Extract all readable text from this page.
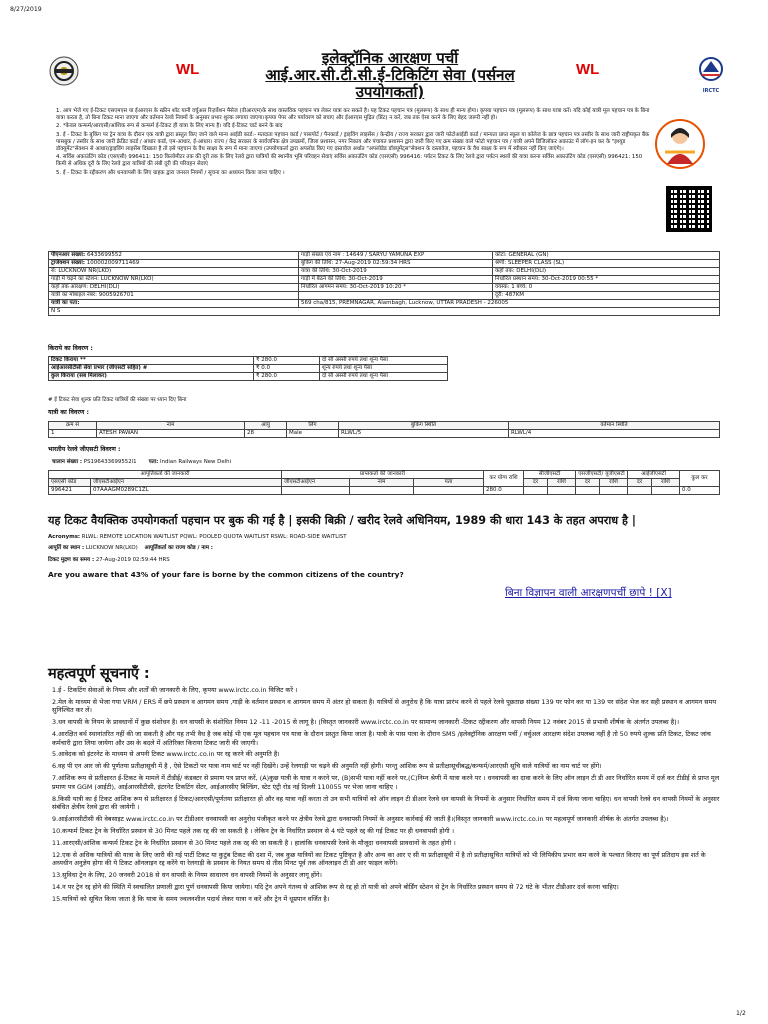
8/27/2019
WL
इलेक्ट्रॉनिक आरक्षण पर्ची
आई.आर.सी.टी.सी.ई-टिकिटिंग सेवा (पर्सनल
उपयोगकर्ता)
WL
IRCTC

1. आप भेजे गए ई-टिकट एसएमएस या ईआरएस के स्क्रीन शॉट यानी वर्चुअल रिज़र्वेशन मैसेज (वीआरएम)के साथ वास्तविक पहचान पत्र लेकर यात्रा कर सकते है। यह टिकट पहचान पत्र (मूलरूप) के साथ ही मान्य होगा। कृपया पहचान पत्र (मूलरूप) के साथ यात्रा करें। यदि कोई यात्री मूल पहचान पत्र के बिना यात्रा करता है, तो बिना टिकट माना जाएगा और वर्तमान रेलवे नियमों के अनुसार प्रभार शुल्क लगाया जाएगा।कृपया पेपर और पर्यावरण को बचाए और ईआरएस मुद्रित (प्रिंट) न करें, जब तक ऐसा करने के लिए बेहद जरूरी नहीं हो।

2. *केवल कन्फर्म/आरएसी/आंशिक रूप से कन्फर्म ई-टिकट ही यात्रा के लिए मान्य है। यदि ई-टिकट चार्ट बनने के बाद

3. ई - टिकट के बुकिंग पर ट्रेन यात्रा के दौरान एक यात्री द्वारा प्रस्तुत किए जाने वाले मान्य आईडी कार्ड:- मतदाता पहचान कार्ड / पासपोर्ट / पैनकार्ड / ड्राइविंग लाइसेंस / केन्द्रीय / राज्य सरकार द्वारा जारी फोटोआईडी कार्ड / मान्यता प्राप्त स्कूल या कॉलेज के छात्र पहचान पत्र तस्वीर के साथ जारी राष्ट्रीयकृत बैंक पासबुक / तस्वीर के साथ जारी क्रेडिट कार्ड / आधार कार्ड, एम-आधार, ई-आधार। राज्य / केंद्र सरकार के सार्वजनिक क्षेत्र उपक्रमों, जिला प्रशासन, नगर निकाय और पंचायत प्रशासन द्वारा जारी किए गए क्रम संख्या वाले फोटो पहचान पत्र / यात्री अपने डिजिलॉकर अकाउंट में लॉग-इन कर के "इश्यूड डॉक्यूमेंट"सेक्शन से आधार/ड्राइविंग लाइसेंस दिखाता है तो इसे पहचान के वैध साक्ष्य के रूप में माना जाएगा (उपयोगकर्ता द्वारा अपलोड किए गए दस्तावेज अर्थात "अपलोडेड डॉक्यूमेंट्स"सेक्शन के दस्तावेज, पहचान के वैध साक्ष्य के रूप में स्वीकार नहीं किए जाएंगे)।

4. सर्विस अकाउंटिंग कोड (एसएसी) 996411: 150 किलोमीटर तक की दूरी तक के लिए रेलवे द्वारा यात्रियों की स्थानीय भूमि परिवहन सेवाएं सर्विस अकाउंटिंग कोड (एसएसी) 996416: पर्यटन टिकट के लिए रेलवे द्वारा पर्यटन स्थलों की यात्रा करना सर्विस अकाउंटिंग कोड (एसएसी) 996421: 150 किमी से अधिक दूरी के लिए रेलवे द्वारा यात्रियों की लंबी दूरी की परिवहन सेवाएं

5. ई - टिकट के रद्दीकरण और धनवापसी के लिए ग्राहक द्वारा जनरल नियमों / सूचना का अध्ययन किया जाना चाहिए ।

पीएनआर संख्या: 6433699552	गाड़ी संख्या एवं नाम : 14649 / SARYU YAMUNA EXP	कोटा: GENERAL (GN)
ट्रांजेक्शन संख्या: 100002009711469	बुकिंग की तिथि: 27-Aug-2019 02:59:34 HRS	श्रेणी: SLEEPER CLASS (SL)
से: LUCKNOW NR(LKO)	यात्रा की तिथि: 30-Oct-2019	कहाँ तक: DELHI(DLI)
गाड़ी में चढ़ने का स्टेशन: LUCKNOW NR(LKO)	गाड़ी में बैठने की तिथि: 30-Oct-2019	निर्धारित प्रस्थान समय: 30-Oct-2019 00:55 *
कहाँ तक आरक्षण: DELHI(DLI)	निर्धारित आगमन समय: 30-Oct-2019 10:20 *	वयस्क: 1 बच्चे: 0
यात्री का मोबाइल नंबर: 9005926701		दूरी: 487KM
यात्री का पता:	569 cha/815, PREMNAGAR, Alambagh, Lucknow, UTTAR PRADESH - 226005	
N S		
किराये का विवरण :
टिकट किराया **	₹ 280.0	दो सौ अस्सी रुपये तथा शून्य पैसा
आईआरसीटीसी सेवा प्रभार (जीएसटी सहित) #	₹ 0.0	शून्य रुपये तथा शून्य पैसा
कुल किराया (सब मिलाकर)	₹ 280.0	दो सौ अस्सी रुपये तथा शून्य पैसा
# ई टिकट सेवा शुल्क प्रति टिकट यात्रियों की संख्या पर ध्यान दिए बिना
यात्री का विवरण :
क्रम सं	नाम	आयु	लिंग	बुकिंग स्थिति	वर्तमान स्थिति
1	ATESH PAWAN	28	Male	RLWL/5	RLWL/4
भारतीय रेलवे जीएसटी विवरण :
चालान संख्या : PS196433699552l1 पता: Indian Railways New Delhi
आपूर्तिकर्ता की जानकारी		प्राप्तकर्ता की जानकारी			कर योग्य राशि	सीजीएसटी		एसजीएसटी/ यूजीएसटी		आईजीएसटी		कुल कर
एसएसी कोड	जीएसटीआईएन	जीएसटीआईएन	नाम	पता		दर	राशि	दर	राशि	दर	राशि	
996421	07AAAGM0289C1ZL				280.0							0.0
यह टिकट वैयक्तिक उपयोगकर्ता पहचान पर बुक की गई है | इसकी बिक्री / खरीद रेलवे अधिनियम, 1989 की धारा 143 के तहत अपराध है |
Acronyms: RLWL: REMOTE LOCATION WAITLIST PQWL: POOLED QUOTA WAITLIST RSWL: ROAD-SIDE WAITLIST
आपूर्ति का स्थान : LUCKNOW NR(LKO) आपूर्तिकर्ता का राज्य कोड / नाम :
टिकट मुद्रण का समय : 27-Aug-2019 02:59:44 HRS
Are you aware that 43% of your fare is borne by the common citizens of the country?
बिना विज्ञापन वाली आरक्षणपर्ची छापे ! [X]
महत्वपूर्ण सूचनाएँ :

1.ई - टिकटिंग सेवाओं के नियम और शर्तों की जानकारी के लिए, कृपया www.irctc.co.in विजिट करें ।

2.मेल के माध्यम से भेजा गया VRM / ERS में छपे प्रस्थान व आगमन समय ,गाड़ी के वर्तमान प्रस्थान व आगमन समय में अंतर हो सकता है। यात्रियों से अनुरोध है कि यात्रा प्रारंभ करने से पहले रेलवे पूछताछ संख्या 139 पर फोन कर या 139 पर संदेश भेज कर सही प्रस्थान व आगमन समय सुनिश्चित कर लें।

3.धन वापसी के नियम के प्रावधानों में कुछ संशोधन है। धन वापसी के संशोधित नियम 12 -11 -2015 से लागू है। (विस्तृत जानकारी www.irctc.co.in पर सामान्य जानकारी -टिकट रद्दीकरण और वापसी नियम 12 नवंबर 2015 से प्रभावी शीर्षक के अंतर्गत उपलब्ध है)।

4.आरक्षित बर्थ स्थानांतरित नहीं की जा सकती है और यह तभी वैध है जब कोई भी एक मूल पहचान पत्र यात्रा के दौरान प्रस्तुत किया जाता है। यात्री के पास यात्रा के दौरान SMS /इलेक्ट्रॉनिक आरक्षण पर्ची / वर्चुअल आरक्षण संदेश उपलब्ध नहीं है तो 50 रुपये शुल्क प्रति टिकट, टिकट जांच कर्मचारी द्वारा लिया जायेगा और उस के बदले में अतिरिक्त किराया टिकट जारी की जाएगी।

5.आवेदक को इंटरनेट के माध्यम से अपनी टिकट www.irctc.co.in पर रद्द करने की अनुमति है।

6.वह पी एन आर जो की पूर्णतया प्रतीक्षासूची में है , ऐसे टिकटों पर यात्रा नाम चार्ट पर नहीं दिखेंगे। उन्हें रेलगाड़ी पर चढ़ने की अनुमति नहीं होगी। परन्तु आंशिक रूप से प्रतीक्षासूचीबद्ध/कन्फर्म/आरएसी सूचि वाले यात्रियों का नाम चार्ट पर होंगे।

7.आंशिक रूप से प्रतीक्षारत ई-टिकट के मामले में टीडीई/ कंडक्टर से प्रमाण पत्र प्राप्त करें, (A)कुछ यात्री के यात्रा न करने पर, (B)सभी यात्रा नहीं करने पर,(C)निम्न श्रेणी में यात्रा करने पर । धनवापसी का दावा करने के लिए ऑन लाइन टी डी आर निर्धारित समय में दर्ज कर टीडीई से प्राप्त मूल प्रमाण पत्र GGM (आईटी), आईआरसीटीसी, इंटरनेट टिकटिंग सेंटर, आईआरसीए बिल्डिंग, स्टेट एंट्री रोड नई दिल्ली 110055 पर भेजा जाना चाहिए ।

8.किसी यात्री का ई टिकट आंशिक रूप से प्रतीक्षारत ई टिकट/आरएसी/पूर्णतया प्रतीक्षारत हो और वह यात्रा नहीं करता तो उन सभी यात्रियों को ऑन लाइन टी डीआर रेलवे धन वापसी के नियमों के अनुसार निर्धारित समय में दर्ज किया जाना चाहिए। धन वापसी रेलवे धन वापसी नियमों के अनुसार संबंधित क्षेत्रीय रेलवे द्वारा की जायेगी ।

9.आईआरसीटीसी की वेबसाइट www.irctc.co.in पर टीडीआर धनवापसी का अनुरोध पंजीकृत करने पर क्षेत्रीय रेलवे द्वारा धनवापसी नियमों के अनुसार कार्रवाई की जाती है।(विस्तृत जानकारी www.irctc.co.in पर महत्वपूर्ण जानकारी शीर्षक के अंतर्गत उपलब्ध है)।

10.कन्फर्म टिकट ट्रेन के निर्धारित प्रस्थान से 30 मिनट पहले तक रद्द की जा सकती है । लेकिन ट्रेन के निर्धारित प्रस्थान से 4 घंटे पहले रद्द की गई टिकट पर ही धनवापसी होगी ।

11.आरएसी/आंशिक कन्फर्म टिकट ट्रेन के निर्धारित प्रस्थान से 30 मिनट पहले तक रद्द की जा सकती है । हालांकि धनवापसी रेलवे के मौजूदा धनवापसी प्रावधानों के तहत होगी ।

12.एक से अधिक यात्रियों की यात्रा के लिए जारी की गई पार्टी टिकट या कुटुंब टिकट की दशा में, जब कुछ यात्रियों का टिकट पुष्टिकृत है और अन्य का आर ए सी या प्रतीक्षासूची में है तो प्रतीक्षासूचित यात्रियों को भी लिपिकीय प्रभार कम करने के पश्चात किराए का पूर्ण प्रतिदाय इस शर्त के अध्यधीन अनुज्ञेय होगा की ये टिकट ऑनलाइन रद्द करेंगे या रेलगाड़ी के प्रस्थान के नियत समय से तीस मिनट पूर्व तक ऑनलाइन टी डी आर फाइल करेंगे।

13.सुविधा ट्रेन के लिए, 20 जनवरी 2018 से धन वापसी के नियम साधारण धन वापसी नियमों के अनुसार लागू होंगे।

14.न पर ट्रेन रद्द होने की स्थिति में स्वचालित प्रणाली द्वारा पूर्ण धनवापसी किया जायेगा। यदि ट्रेन अपने गंतव्य से आंशिक रूप से रद्द हो तो यात्री को अपने बोर्डिंग स्टेशन से ट्रेन के निर्धारित प्रस्थान समय से 72 घंटे के भीतर टीडीआर दर्ज करना चाहिए।

15.यात्रियों को सूचित किया जाता है कि यात्रा के समय ज्वलनशील पदार्थ लेकर यात्रा न करें और ट्रेन में धूम्रपान वर्जित है।

1/2
